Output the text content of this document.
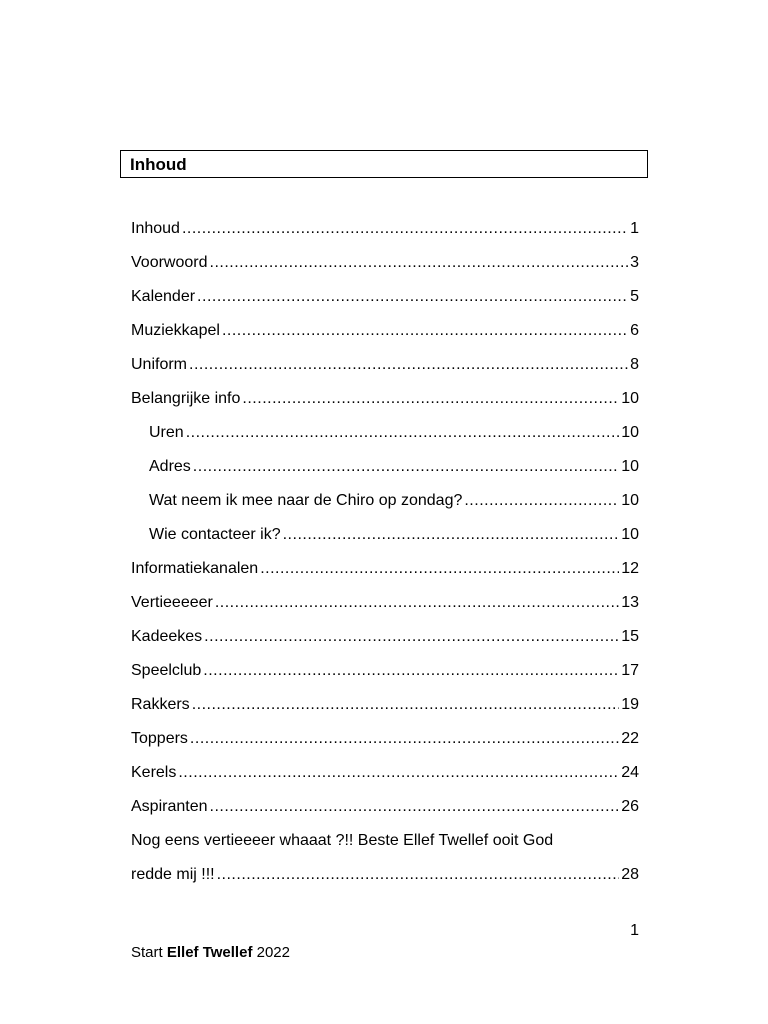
Inhoud
Inhoud .....	1
Voorwoord .....	3
Kalender .....	5
Muziekkapel .....	6
Uniform .....	8
Belangrijke info .....	10
Uren .....	10
Adres .....	10
Wat neem ik mee naar de Chiro op zondag? .....	10
Wie contacteer ik? .....	10
Informatiekanalen .....	12
Vertieeeeer .....	13
Kadeekes .....	15
Speelclub .....	17
Rakkers .....	19
Toppers .....	22
Kerels .....	24
Aspiranten .....	26
Nog eens vertieeeer whaaat ?!! Beste Ellef Twellef ooit God
redde mij !!! .....	28
1
Start Ellef Twellef 2022
